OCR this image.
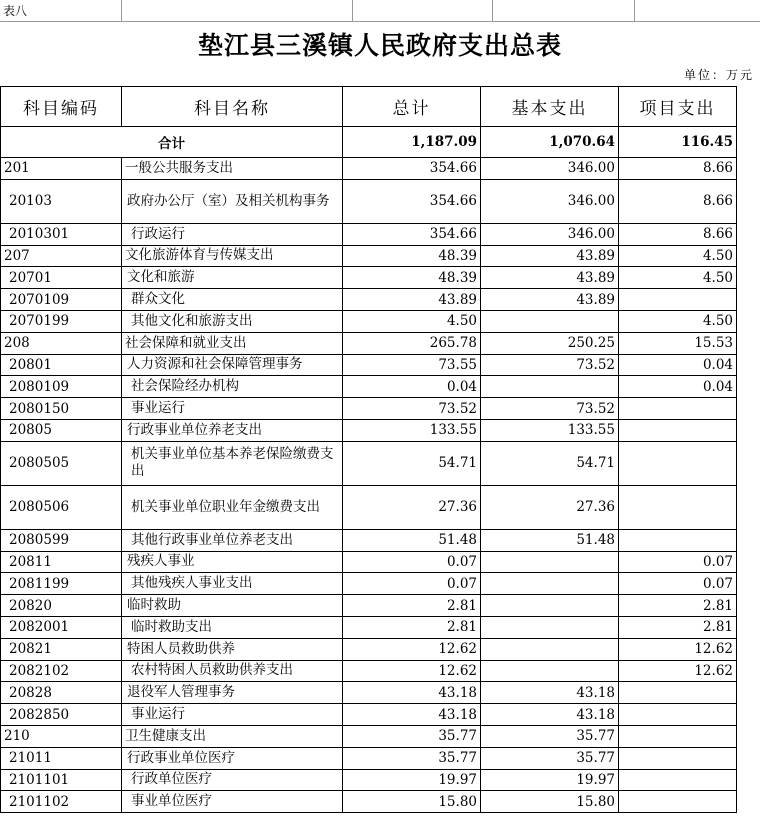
表八
垫江县三溪镇人民政府支出总表
单位：万元
科目编码	科目名称	总计	基本支出	项目支出
合计		1,187.09	1,070.64	116.45
201	一般公共服务支出	354.66	346.00	8.66
20103	政府办公厅（室）及相关机构事务	354.66	346.00	8.66
2010301	行政运行	354.66	346.00	8.66
207	文化旅游体育与传媒支出	48.39	43.89	4.50
20701	文化和旅游	48.39	43.89	4.50
2070109	群众文化	43.89	43.89	
2070199	其他文化和旅游支出	4.50		4.50
208	社会保障和就业支出	265.78	250.25	15.53
20801	人力资源和社会保障管理事务	73.55	73.52	0.04
2080109	社会保险经办机构	0.04		0.04
2080150	事业运行	73.52	73.52	
20805	行政事业单位养老支出	133.55	133.55	
2080505	机关事业单位基本养老保险缴费支出	54.71	54.71	
2080506	机关事业单位职业年金缴费支出	27.36	27.36	
2080599	其他行政事业单位养老支出	51.48	51.48	
20811	残疾人事业	0.07		0.07
2081199	其他残疾人事业支出	0.07		0.07
20820	临时救助	2.81		2.81
2082001	临时救助支出	2.81		2.81
20821	特困人员救助供养	12.62		12.62
2082102	农村特困人员救助供养支出	12.62		12.62
20828	退役军人管理事务	43.18	43.18	
2082850	事业运行	43.18	43.18	
210	卫生健康支出	35.77	35.77	
21011	行政事业单位医疗	35.77	35.77	
2101101	行政单位医疗	19.97	19.97	
2101102	事业单位医疗	15.80	15.80	
